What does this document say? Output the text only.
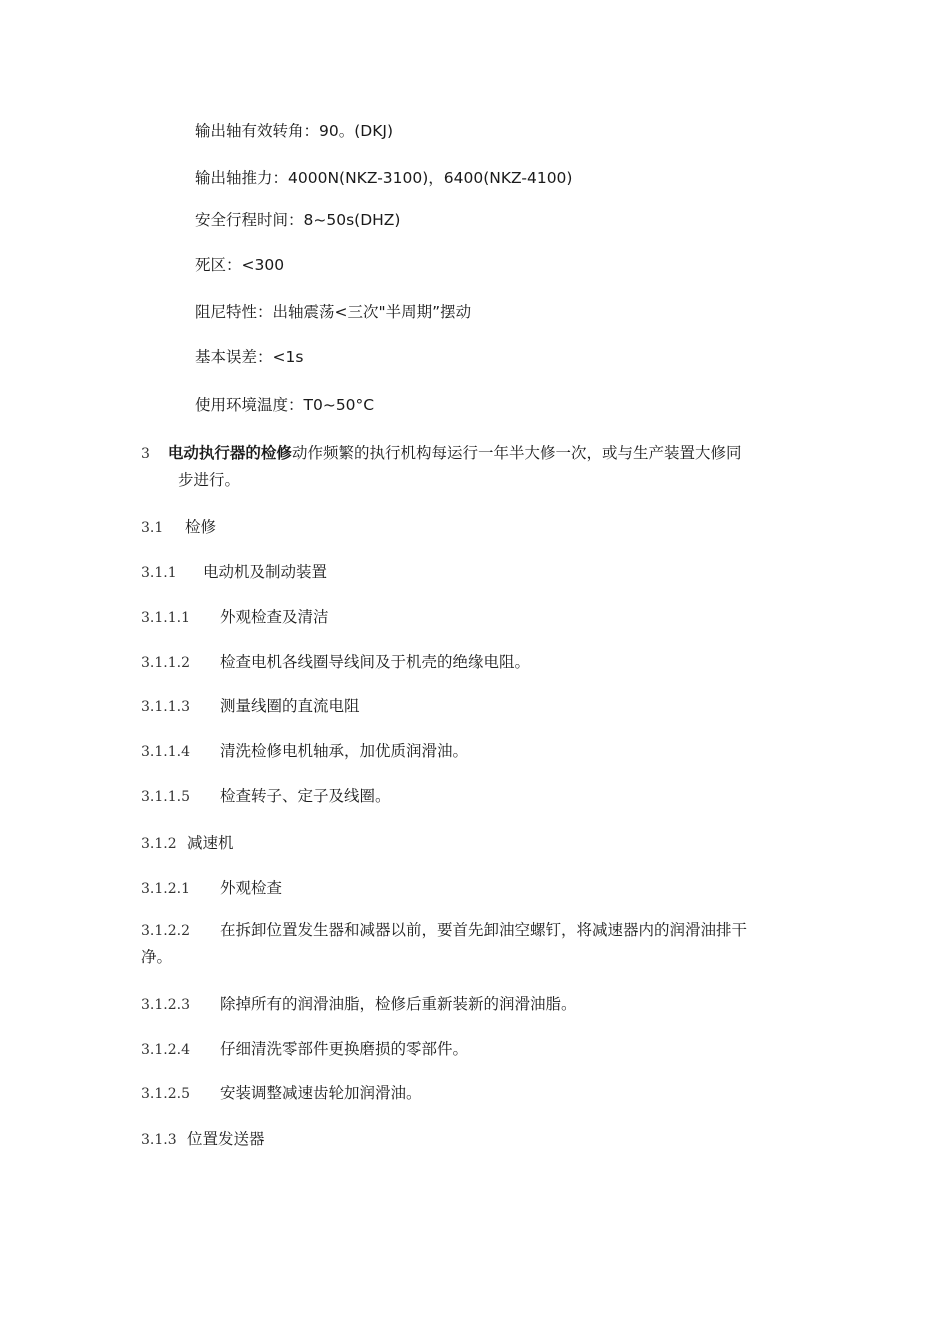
输出轴有效转角：90。(DKJ)
输出轴推力：4000N(NKZ-3100)，6400(NKZ-4100)
安全行程时间：8~50s(DHZ)
死区：<300
阻尼特性：出轴震荡<三次"半周期”摆动
基本误差：<1s
使用环境温度：T0~50°C
3 电动执行器的检修动作频繁的执行机构每运行一年半大修一次，或与生产装置大修同
步进行。
3.1 检修
3.1.1 电动机及制动装置
3.1.1.1 外观检查及清洁
3.1.1.2 检查电机各线圈导线间及于机壳的绝缘电阻。
3.1.1.3 测量线圈的直流电阻
3.1.1.4 清洗检修电机轴承，加优质润滑油。
3.1.1.5 检查转子、定子及线圈。
3.1.2 减速机
3.1.2.1 外观检查
3.1.2.2 在拆卸位置发生器和减器以前，要首先卸油空螺钉，将减速器内的润滑油排干
净。
3.1.2.3 除掉所有的润滑油脂，检修后重新装新的润滑油脂。
3.1.2.4 仔细清洗零部件更换磨损的零部件。
3.1.2.5 安装调整减速齿轮加润滑油。
3.1.3 位置发送器
